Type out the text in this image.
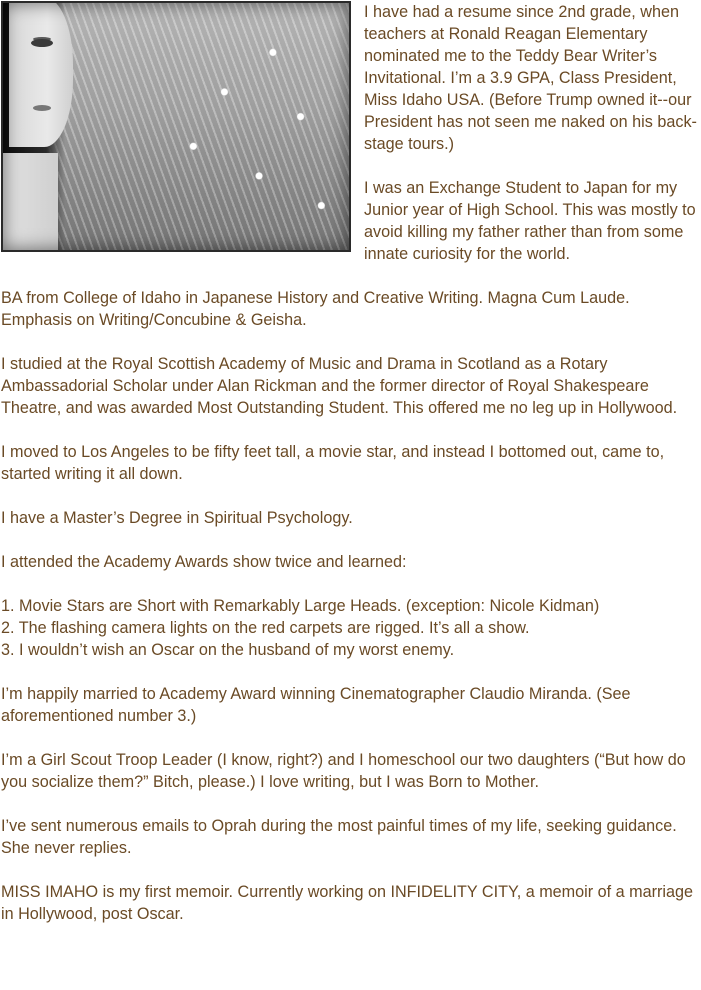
I have had a resume since 2nd grade, when teachers at Ronald Reagan Elementary nominated me to the Teddy Bear Writer’s Invitational. I’m a 3.9 GPA, Class President, Miss Idaho USA. (Before Trump owned it--our President has not seen me naked on his back-stage tours.)

I was an Exchange Student to Japan for my Junior year of High School. This was mostly to avoid killing my father rather than from some innate curiosity for the world.

BA from College of Idaho in Japanese History and Creative Writing. Magna Cum Laude. Emphasis on Writing/Concubine & Geisha.

I studied at the Royal Scottish Academy of Music and Drama in Scotland as a Rotary Ambassadorial Scholar under Alan Rickman and the former director of Royal Shakespeare Theatre, and was awarded Most Outstanding Student. This offered me no leg up in Hollywood.

I moved to Los Angeles to be fifty feet tall, a movie star, and instead I bottomed out, came to, started writing it all down.

I have a Master’s Degree in Spiritual Psychology.

I attended the Academy Awards show twice and learned:

1. Movie Stars are Short with Remarkably Large Heads. (exception: Nicole Kidman)

2. The flashing camera lights on the red carpets are rigged. It’s all a show.

3. I wouldn’t wish an Oscar on the husband of my worst enemy.

I’m happily married to Academy Award winning Cinematographer Claudio Miranda. (See aforementioned number 3.)

I’m a Girl Scout Troop Leader (I know, right?) and I homeschool our two daughters (“But how do you socialize them?” Bitch, please.) I love writing, but I was Born to Mother.

I’ve sent numerous emails to Oprah during the most painful times of my life, seeking guidance. She never replies.

MISS IMAHO is my first memoir. Currently working on INFIDELITY CITY, a memoir of a marriage in Hollywood, post Oscar.
